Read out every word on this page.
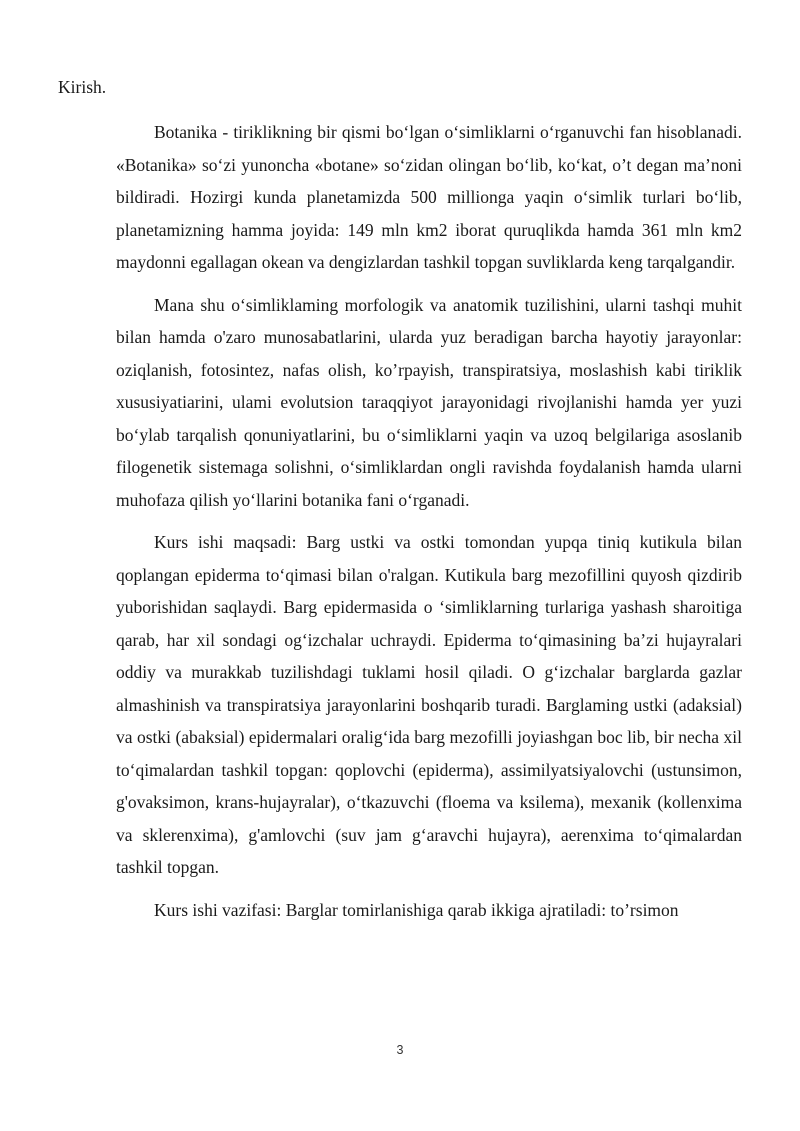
Kirish.

Botanika - tiriklikning bir qismi bo‘lgan o‘simliklarni o‘rganuvchi fan hisoblanadi. «Botanika» so‘zi yunoncha «botane» so‘zidan olingan bo‘lib, ko‘kat, o’t degan ma’noni bildiradi. Hozirgi kunda planetamizda 500 millionga yaqin o‘simlik turlari bo‘lib, planetamizning hamma joyida: 149 mln km2 iborat quruqlikda hamda 361 mln km2 maydonni egallagan okean va dengizlardan tashkil topgan suvliklarda keng tarqalgandir.

Mana shu o‘simliklaming morfologik va anatomik tuzilishini, ularni tashqi muhit bilan hamda o'zaro munosabatlarini, ularda yuz beradigan barcha hayotiy jarayonlar: oziqlanish, fotosintez, nafas olish, ko’rpayish, transpiratsiya, moslashish kabi tiriklik xususiyatiarini, ulami evolutsion taraqqiyot jarayonidagi rivojlanishi hamda yer yuzi bo‘ylab tarqalish qonuniyatlarini, bu o‘simliklarni yaqin va uzoq belgilariga asoslanib filogenetik sistemaga solishni, o‘simliklardan ongli ravishda foydalanish hamda ularni muhofaza qilish yo‘llarini botanika fani o‘rganadi.

Kurs ishi maqsadi: Barg ustki va ostki tomondan yupqa tiniq kutikula bilan qoplangan epiderma to‘qimasi bilan o'ralgan. Kutikula barg mezofillini quyosh qizdirib yuborishidan saqlaydi. Barg epidermasida o ‘simliklarning turlariga yashash sharoitiga qarab, har xil sondagi og‘izchalar uchraydi. Epiderma to‘qimasining ba’zi hujayralari oddiy va murakkab tuzilishdagi tuklami hosil qiladi. O g‘izchalar barglarda gazlar almashinish va transpiratsiya jarayonlarini boshqarib turadi. Barglaming ustki (adaksial) va ostki (abaksial) epidermalari oralig‘ida barg mezofilli joyiashgan boc lib, bir necha xil to‘qimalardan tashkil topgan: qoplovchi (epiderma), assimilyatsiyalovchi (ustunsimon, g'ovaksimon, krans-hujayralar), o‘tkazuvchi (floema va ksilema), mexanik (kollenxima va sklerenxima), g'amlovchi (suv jam g‘aravchi hujayra), aerenxima to‘qimalardan tashkil topgan.

Kurs ishi vazifasi: Barglar tomirlanishiga qarab ikkiga ajratiladi: to’rsimon

3
